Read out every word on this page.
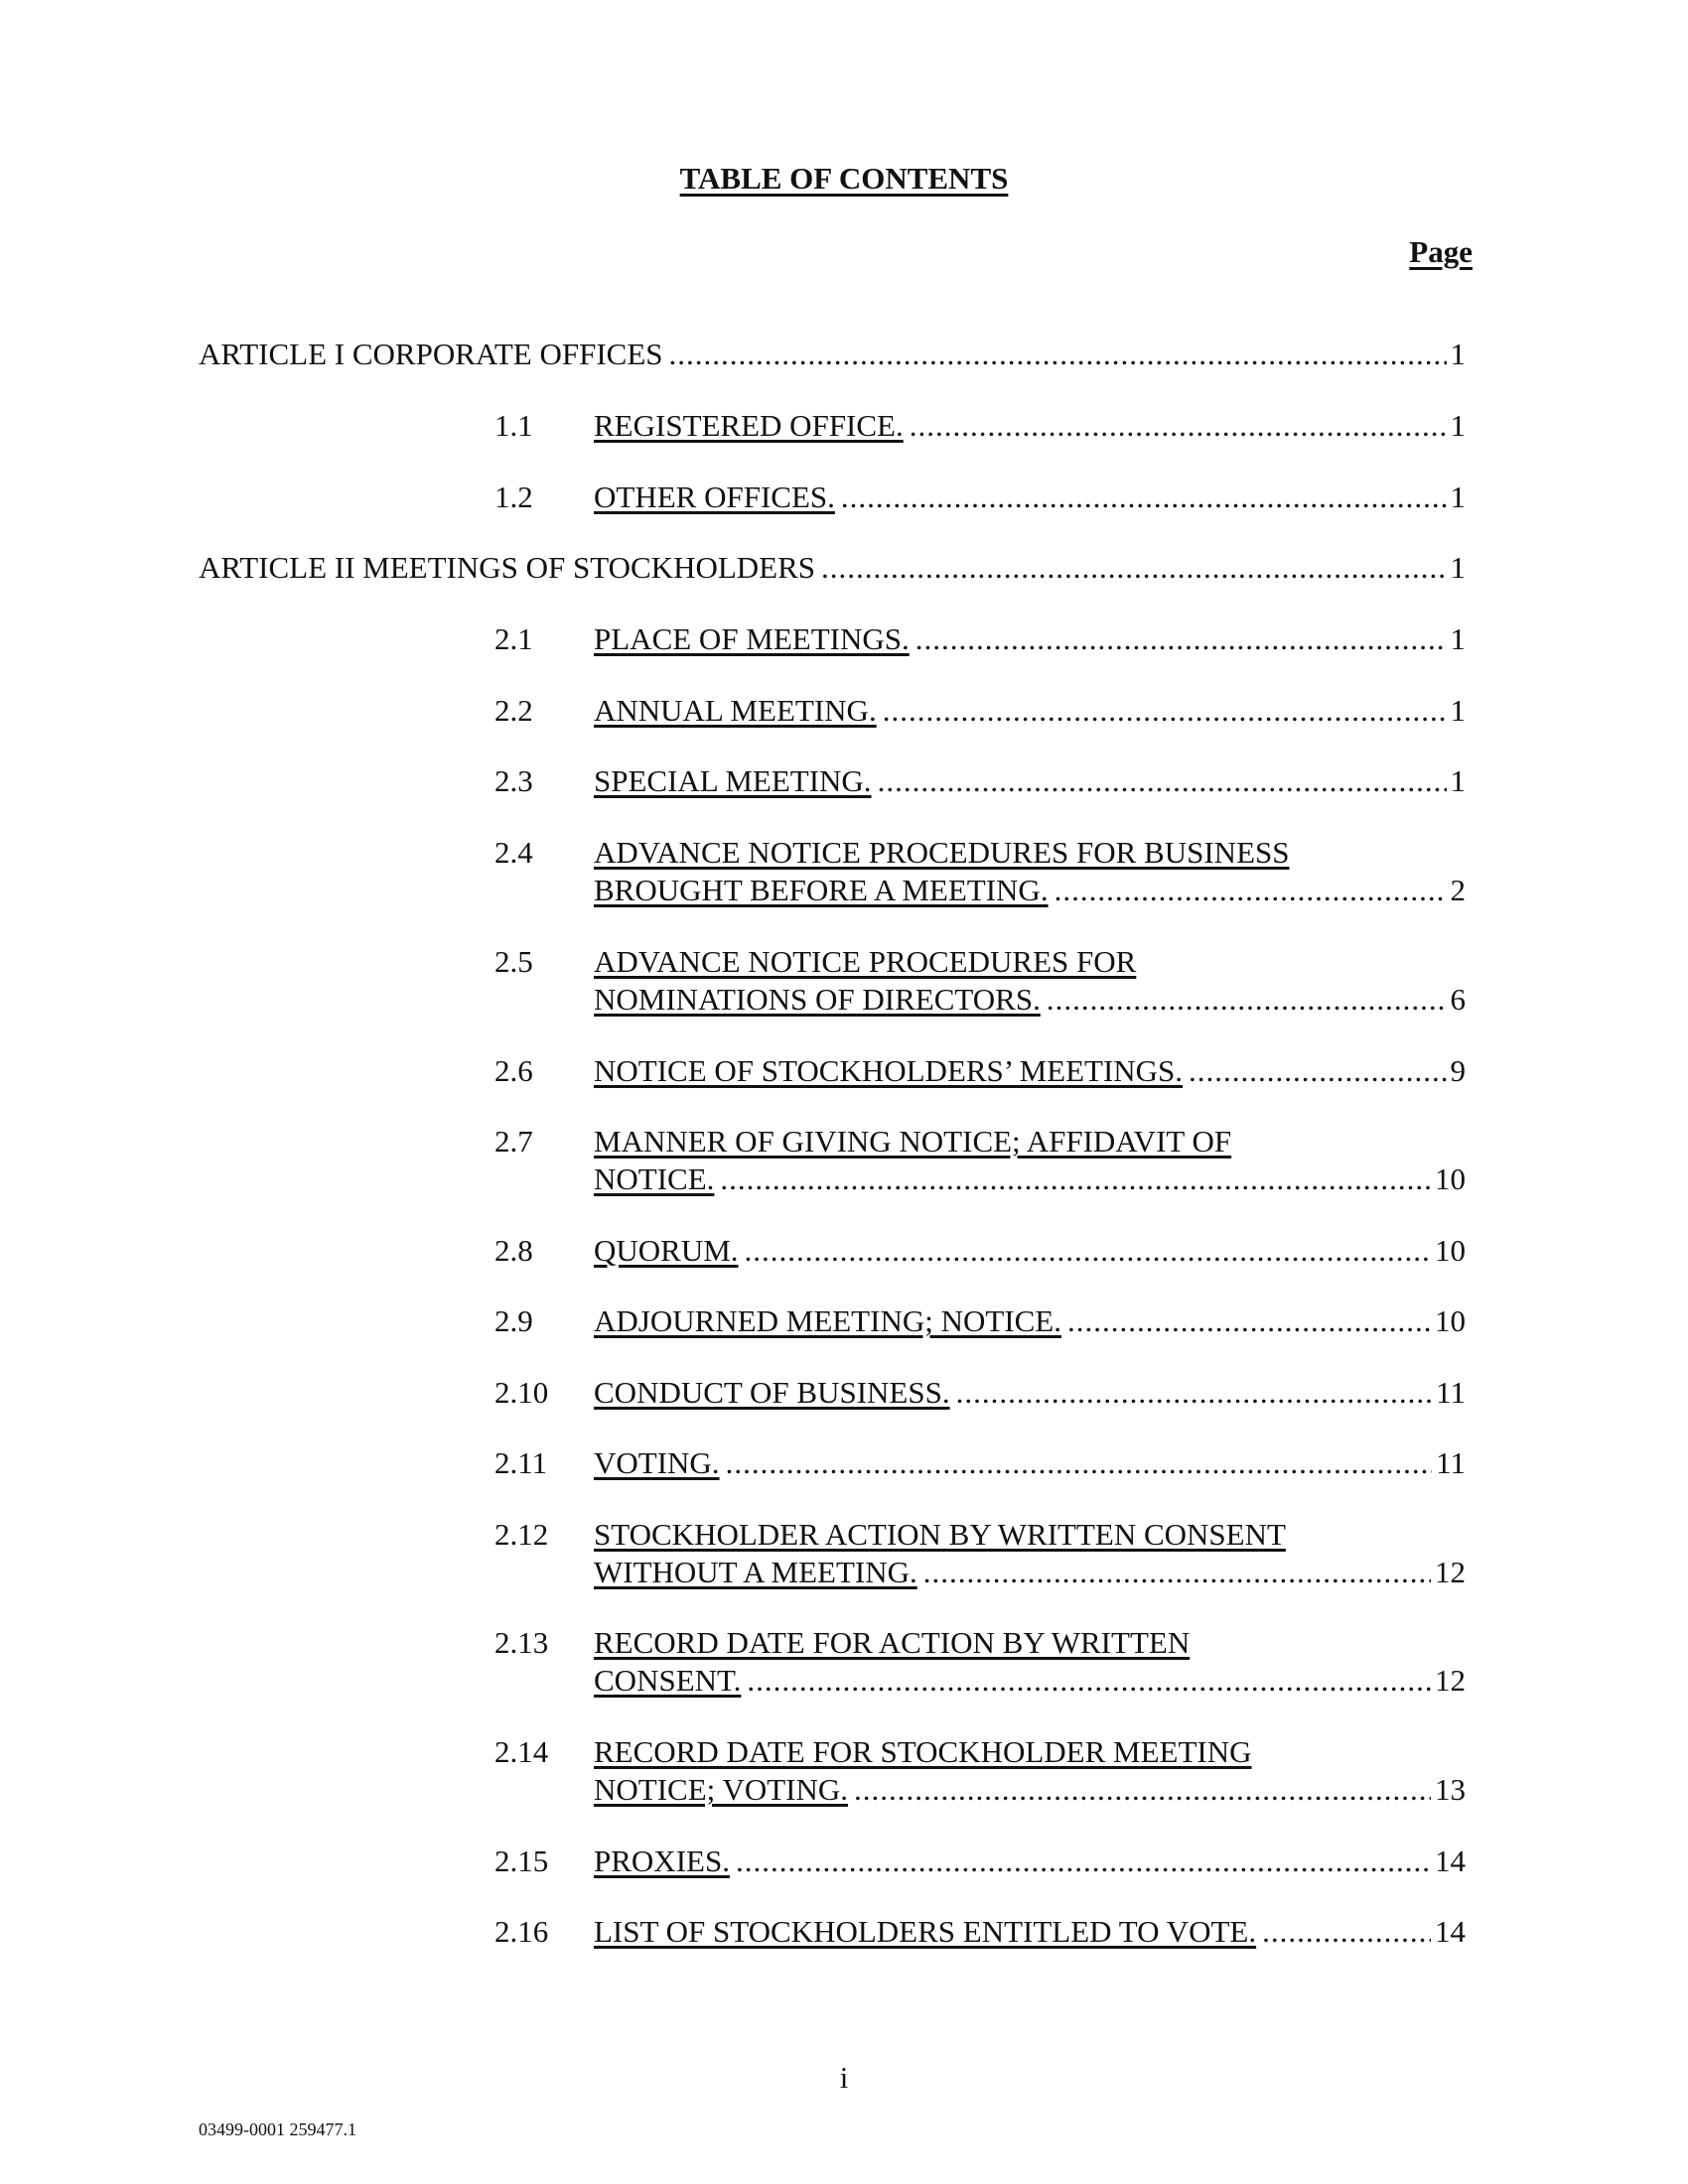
TABLE OF CONTENTS
Page
ARTICLE I CORPORATE OFFICES .....	1
1.1	REGISTERED OFFICE. .....	1
1.2	OTHER OFFICES. .....	1
ARTICLE II MEETINGS OF STOCKHOLDERS .....	1
2.1	PLACE OF MEETINGS. .....	1
2.2	ANNUAL MEETING. .....	1
2.3	SPECIAL MEETING. .....	1
2.4	ADVANCE NOTICE PROCEDURES FOR BUSINESS
BROUGHT BEFORE A MEETING. .....	2
2.5	ADVANCE NOTICE PROCEDURES FOR
NOMINATIONS OF DIRECTORS. .....	6
2.6	NOTICE OF STOCKHOLDERS’ MEETINGS. .....	9
2.7	MANNER OF GIVING NOTICE; AFFIDAVIT OF
NOTICE. .....	10
2.8	QUORUM. .....	10
2.9	ADJOURNED MEETING; NOTICE. .....	10
2.10	CONDUCT OF BUSINESS. .....	11
2.11	VOTING. .....	11
2.12	STOCKHOLDER ACTION BY WRITTEN CONSENT
WITHOUT A MEETING. .....	12
2.13	RECORD DATE FOR ACTION BY WRITTEN
CONSENT. .....	12
2.14	RECORD DATE FOR STOCKHOLDER MEETING
NOTICE; VOTING. .....	13
2.15	PROXIES. .....	14
2.16	LIST OF STOCKHOLDERS ENTITLED TO VOTE. .....	14
i
03499-0001 259477.1
